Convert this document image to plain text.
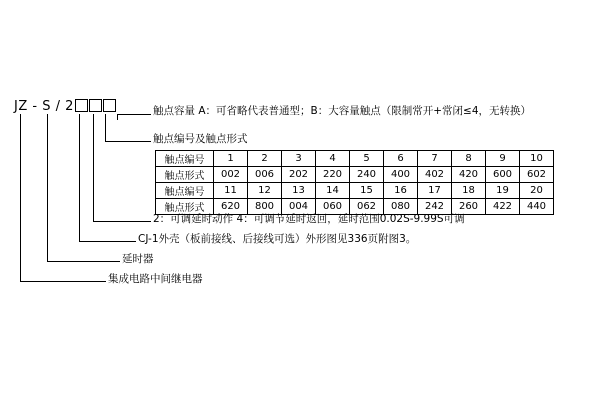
JZ - S / 2	触点容量 A：可省略代表普通型；B：大容量触点（限制常开+常闭≤4，无转换）
触点编号及触点形式
2：可调延时动作 4：可调节延时返回，延时范围0.02S-9.99S可调
CJ-1外壳（板前接线、后接线可选）外形图见336页附图3。
延时器
集成电路中间继电器
触点编号	1	2	3	4	5	6	7	8	9	10
触点形式	002	006	202	220	240	400	402	420	600	602
触点编号	11	12	13	14	15	16	17	18	19	20
触点形式	620	800	004	060	062	080	242	260	422	440
